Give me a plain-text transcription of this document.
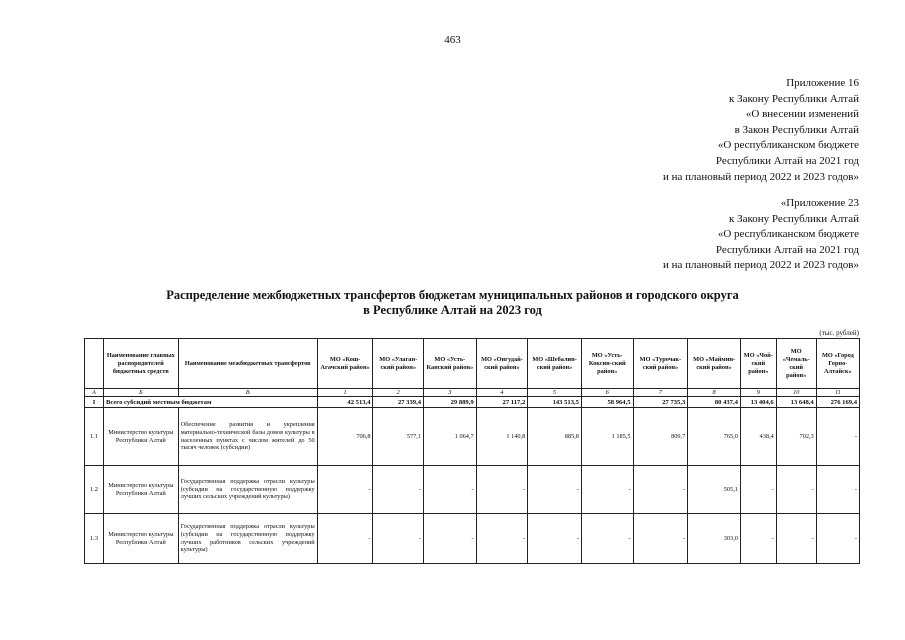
463
Приложение 16
к Закону Республики Алтай
«О внесении изменений
в Закон Республики Алтай
«О республиканском бюджете
Республики Алтай на 2021 год
и на плановый период 2022 и 2023 годов»
«Приложение 23
к Закону Республики Алтай
«О республиканском бюджете
Республики Алтай на 2021 год
и на плановый период 2022 и 2023 годов»
Распределение межбюджетных трансфертов бюджетам муниципальных районов и городского округа
в Республике Алтай на 2023 год
(тыс. рублей)
	Наименование главных распорядителей бюджетных средств	Наименование межбюджетных трансфертов	МО «Кош-Агачский район»	МО «Улаган-ский район»	МО «Усть-Канский район»	МО «Онгудай-ский район»	МО «Шебалин-ский район»	МО «Усть-Коксин-ский район»	МО «Турочак-ский район»	МО «Маймин-ский район»	МО «Чой-ский район»	МО «Чемаль-ский район»	МО «Город Горно-Алтайск»
А	Б	В	1	2	3	4	5	6	7	8	9	10	11
I	Всего субсидий местным бюджетам		42 513,4	27 339,4	29 889,9	27 117,2	143 513,5	58 964,5	27 735,3	80 437,4	13 404,6	13 648,4	276 169,4
1.1	Министерство культуры Республики Алтай	Обеспечение развития и укрепления материально-технической базы домов культуры в населенных пунктах с числом жителей до 50 тысяч человек (субсидии)	706,8	577,1	1 064,7	1 140,8	885,8	1 185,5	809,7	765,0	438,4	702,3	-
1.2	Министерство культуры Республики Алтай	Государственная поддержка отрасли культуры (субсидии на государственную поддержку лучших сельских учреждений культуры)	-	-	-	-	-	-	-	505,1	-	-	-
1.3	Министерство культуры Республики Алтай	Государственная поддержка отрасли культуры (субсидии на государственную поддержку лучших работников сельских учреждений культуры)	-	-	-	-	-	-	-	303,0	-	-	-
